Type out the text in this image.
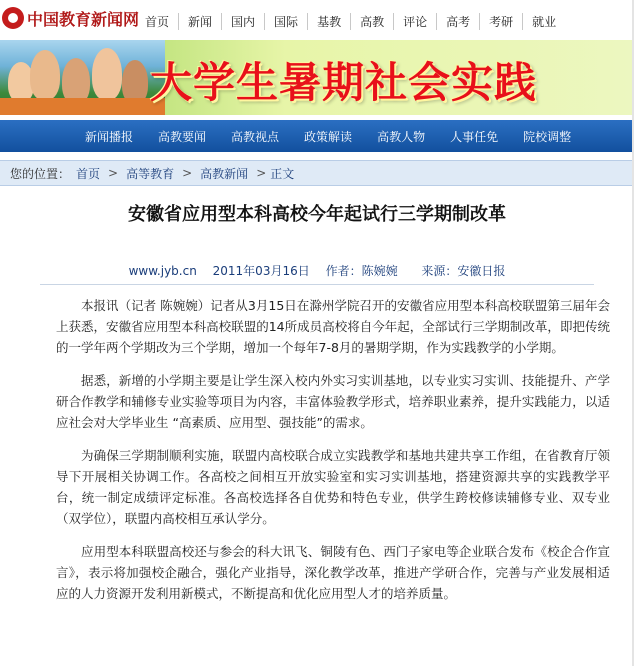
中国教育新闻网 首页	新闻	国内	国际	基教	高教	评论	高考	考研	就业
大学生暑期社会实践
新闻播报	高教要闻	高教视点	政策解读	高教人物	人事任免	院校调整
您的位置： 首页 > 高等教育 > 高教新闻 > 正文
安徽省应用型本科高校今年起试行三学期制改革
www.jyb.cn 2011年03月16日 作者：陈婉婉 来源：安徽日报

本报讯（记者 陈婉婉）记者从3月15日在滁州学院召开的安徽省应用型本科高校联盟第三届年会上获悉，安徽省应用型本科高校联盟的14所成员高校将自今年起，全部试行三学期制改革，即把传统的一学年两个学期改为三个学期，增加一个每年7-8月的暑期学期，作为实践教学的小学期。

据悉，新增的小学期主要是让学生深入校内外实习实训基地，以专业实习实训、技能提升、产学研合作教学和辅修专业实验等项目为内容，丰富体验教学形式，培养职业素养，提升实践能力，以适应社会对大学毕业生 “高素质、应用型、强技能”的需求。

为确保三学期制顺利实施，联盟内高校联合成立实践教学和基地共建共享工作组，在省教育厅领导下开展相关协调工作。各高校之间相互开放实验室和实习实训基地，搭建资源共享的实践教学平台，统一制定成绩评定标准。各高校选择各自优势和特色专业，供学生跨校修读辅修专业、双专业（双学位），联盟内高校相互承认学分。

应用型本科联盟高校还与参会的科大讯飞、铜陵有色、西门子家电等企业联合发布《校企合作宣言》，表示将加强校企融合，强化产业指导，深化教学改革，推进产学研合作，完善与产业发展相适应的人力资源开发利用新模式，不断提高和优化应用型人才的培养质量。
